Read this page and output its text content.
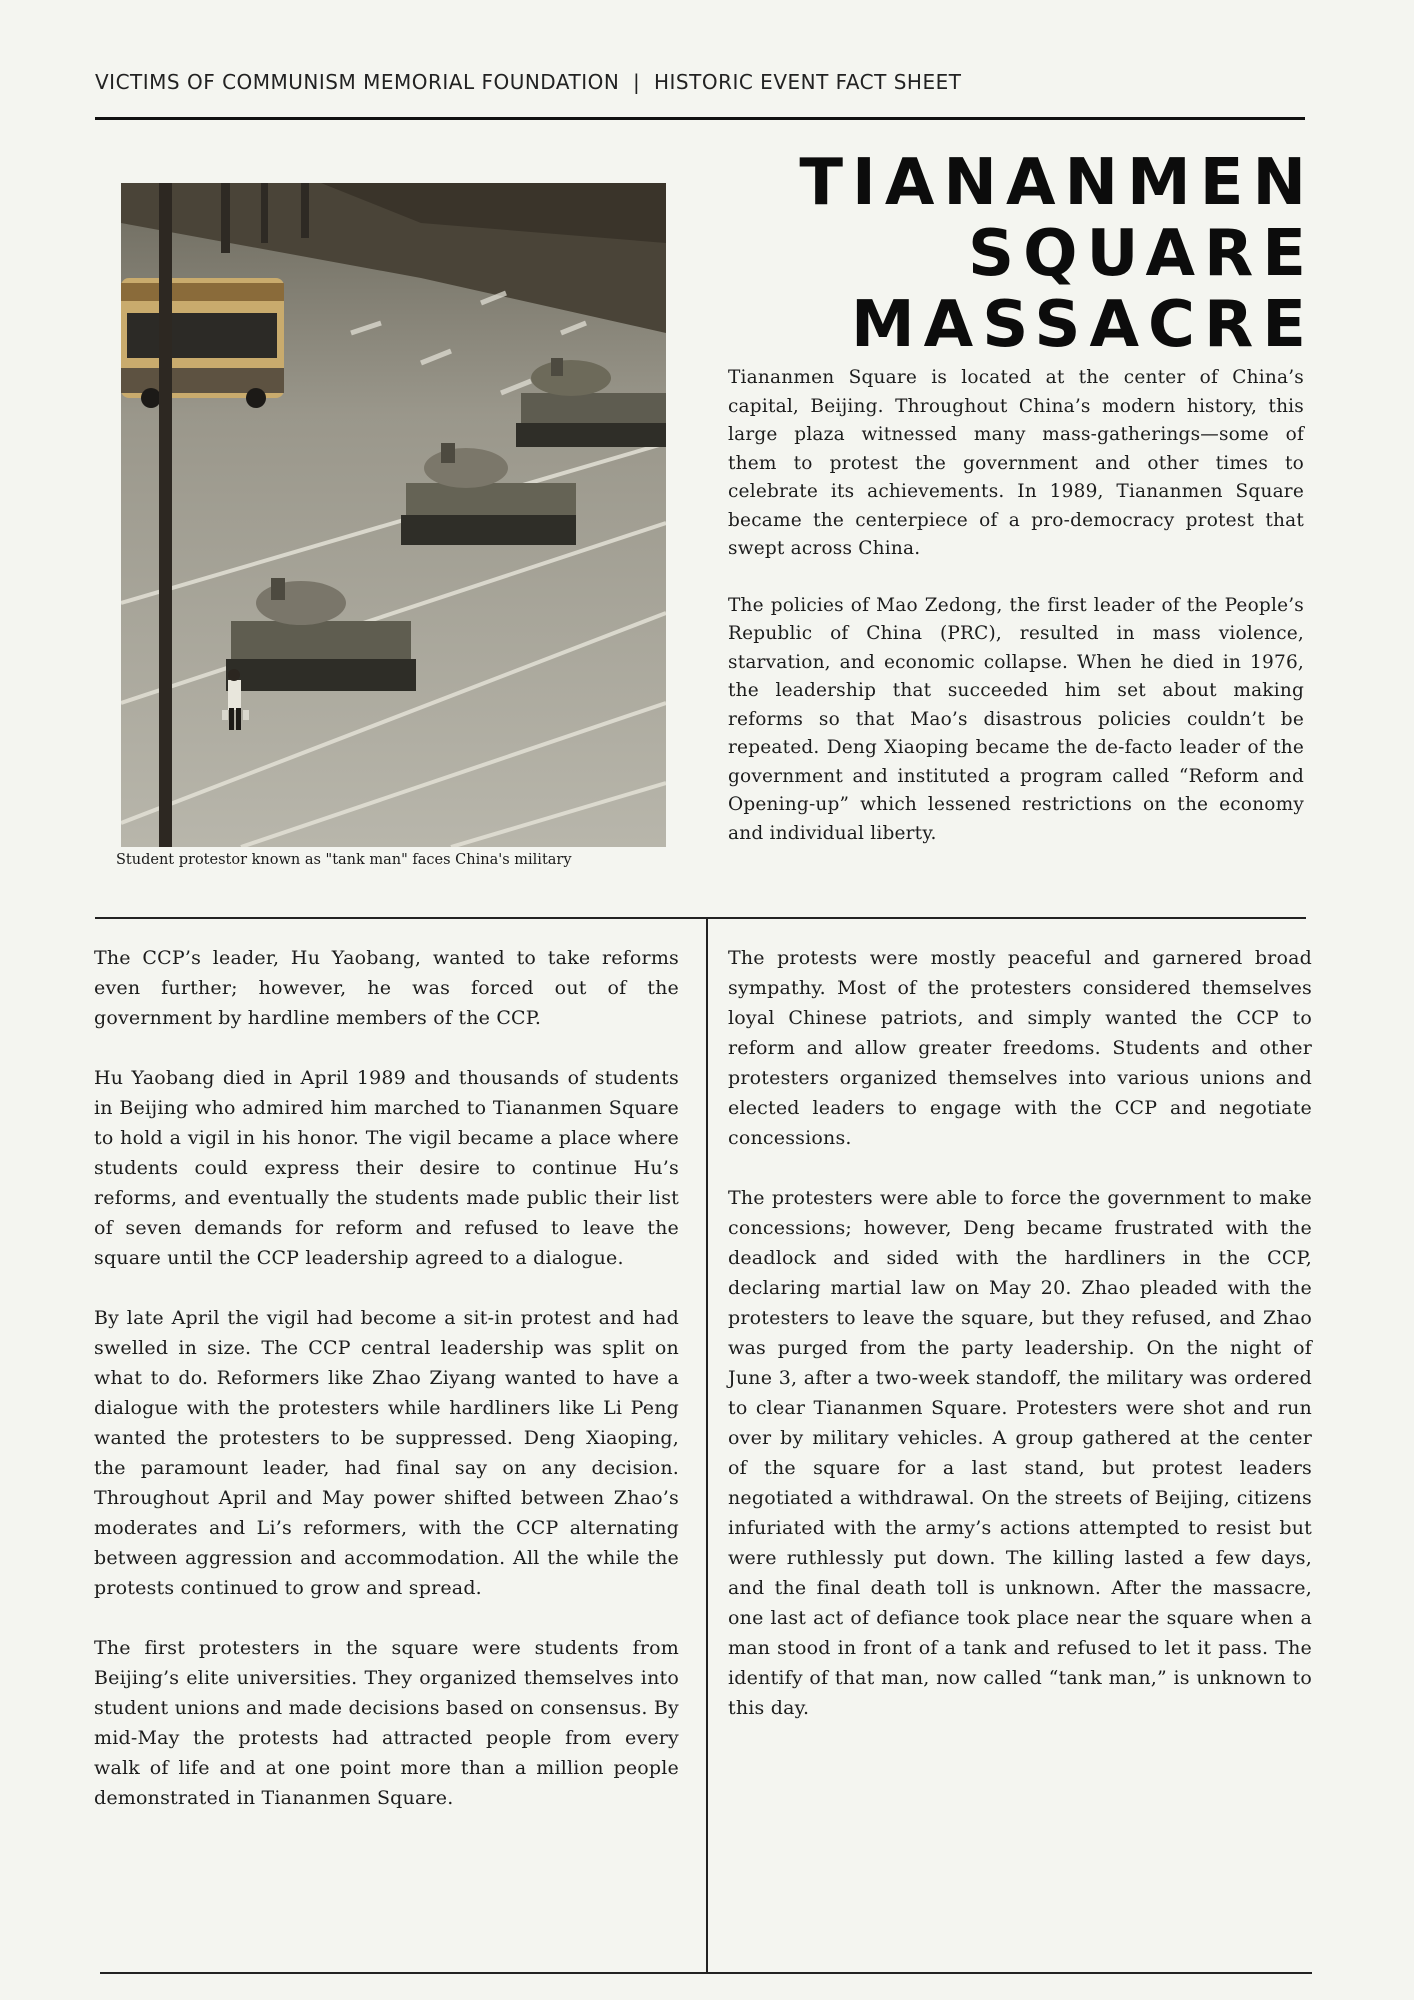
VICTIMS OF COMMUNISM MEMORIAL FOUNDATION  |  HISTORIC EVENT FACT SHEET
Student protestor known as "tank man" faces China's military
TIANANMEN
SQUARE
MASSACRE

Tiananmen Square is located at the center of China’s capital, Beijing. Throughout China’s modern history, this large plaza witnessed many mass-gatherings—some of them to protest the government and other times to celebrate its achievements. In 1989, Tiananmen Square became the centerpiece of a pro-democracy protest that swept across China.

The policies of Mao Zedong, the first leader of the People’s Republic of China (PRC), resulted in mass violence, starvation, and economic collapse. When he died in 1976, the leadership that succeeded him set about making reforms so that Mao’s disastrous policies couldn’t be repeated. Deng Xiaoping became the de-facto leader of the government and instituted a program called “Reform and Opening-up” which lessened restrictions on the economy and individual liberty.

The CCP’s leader, Hu Yaobang, wanted to take reforms even further; however, he was forced out of the government by hardline members of the CCP.

Hu Yaobang died in April 1989 and thousands of students in Beijing who admired him marched to Tiananmen Square to hold a vigil in his honor. The vigil became a place where students could express their desire to continue Hu’s reforms, and eventually the students made public their list of seven demands for reform and refused to leave the square until the CCP leadership agreed to a dialogue.

By late April the vigil had become a sit-in protest and had swelled in size. The CCP central leadership was split on what to do. Reformers like Zhao Ziyang wanted to have a dialogue with the protesters while hardliners like Li Peng wanted the protesters to be suppressed. Deng Xiaoping, the paramount leader, had final say on any decision. Throughout April and May power shifted between Zhao’s moderates and Li’s reformers, with the CCP alternating between aggression and accommodation. All the while the protests continued to grow and spread.

The first protesters in the square were students from Beijing’s elite universities. They organized themselves into student unions and made decisions based on consensus. By mid-May the protests had attracted people from every walk of life and at one point more than a million people demonstrated in Tiananmen Square.

The protests were mostly peaceful and garnered broad sympathy. Most of the protesters considered themselves loyal Chinese patriots, and simply wanted the CCP to reform and allow greater freedoms. Students and other protesters organized themselves into various unions and elected leaders to engage with the CCP and negotiate concessions.

The protesters were able to force the government to make concessions; however, Deng became frustrated with the deadlock and sided with the hardliners in the CCP, declaring martial law on May 20. Zhao pleaded with the protesters to leave the square, but they refused, and Zhao was purged from the party leadership. On the night of June 3, after a two-week standoff, the military was ordered to clear Tiananmen Square. Protesters were shot and run over by military vehicles. A group gathered at the center of the square for a last stand, but protest leaders negotiated a withdrawal. On the streets of Beijing, citizens infuriated with the army’s actions attempted to resist but were ruthlessly put down. The killing lasted a few days, and the final death toll is unknown. After the massacre, one last act of defiance took place near the square when a man stood in front of a tank and refused to let it pass. The identify of that man, now called “tank man,” is unknown to this day.
